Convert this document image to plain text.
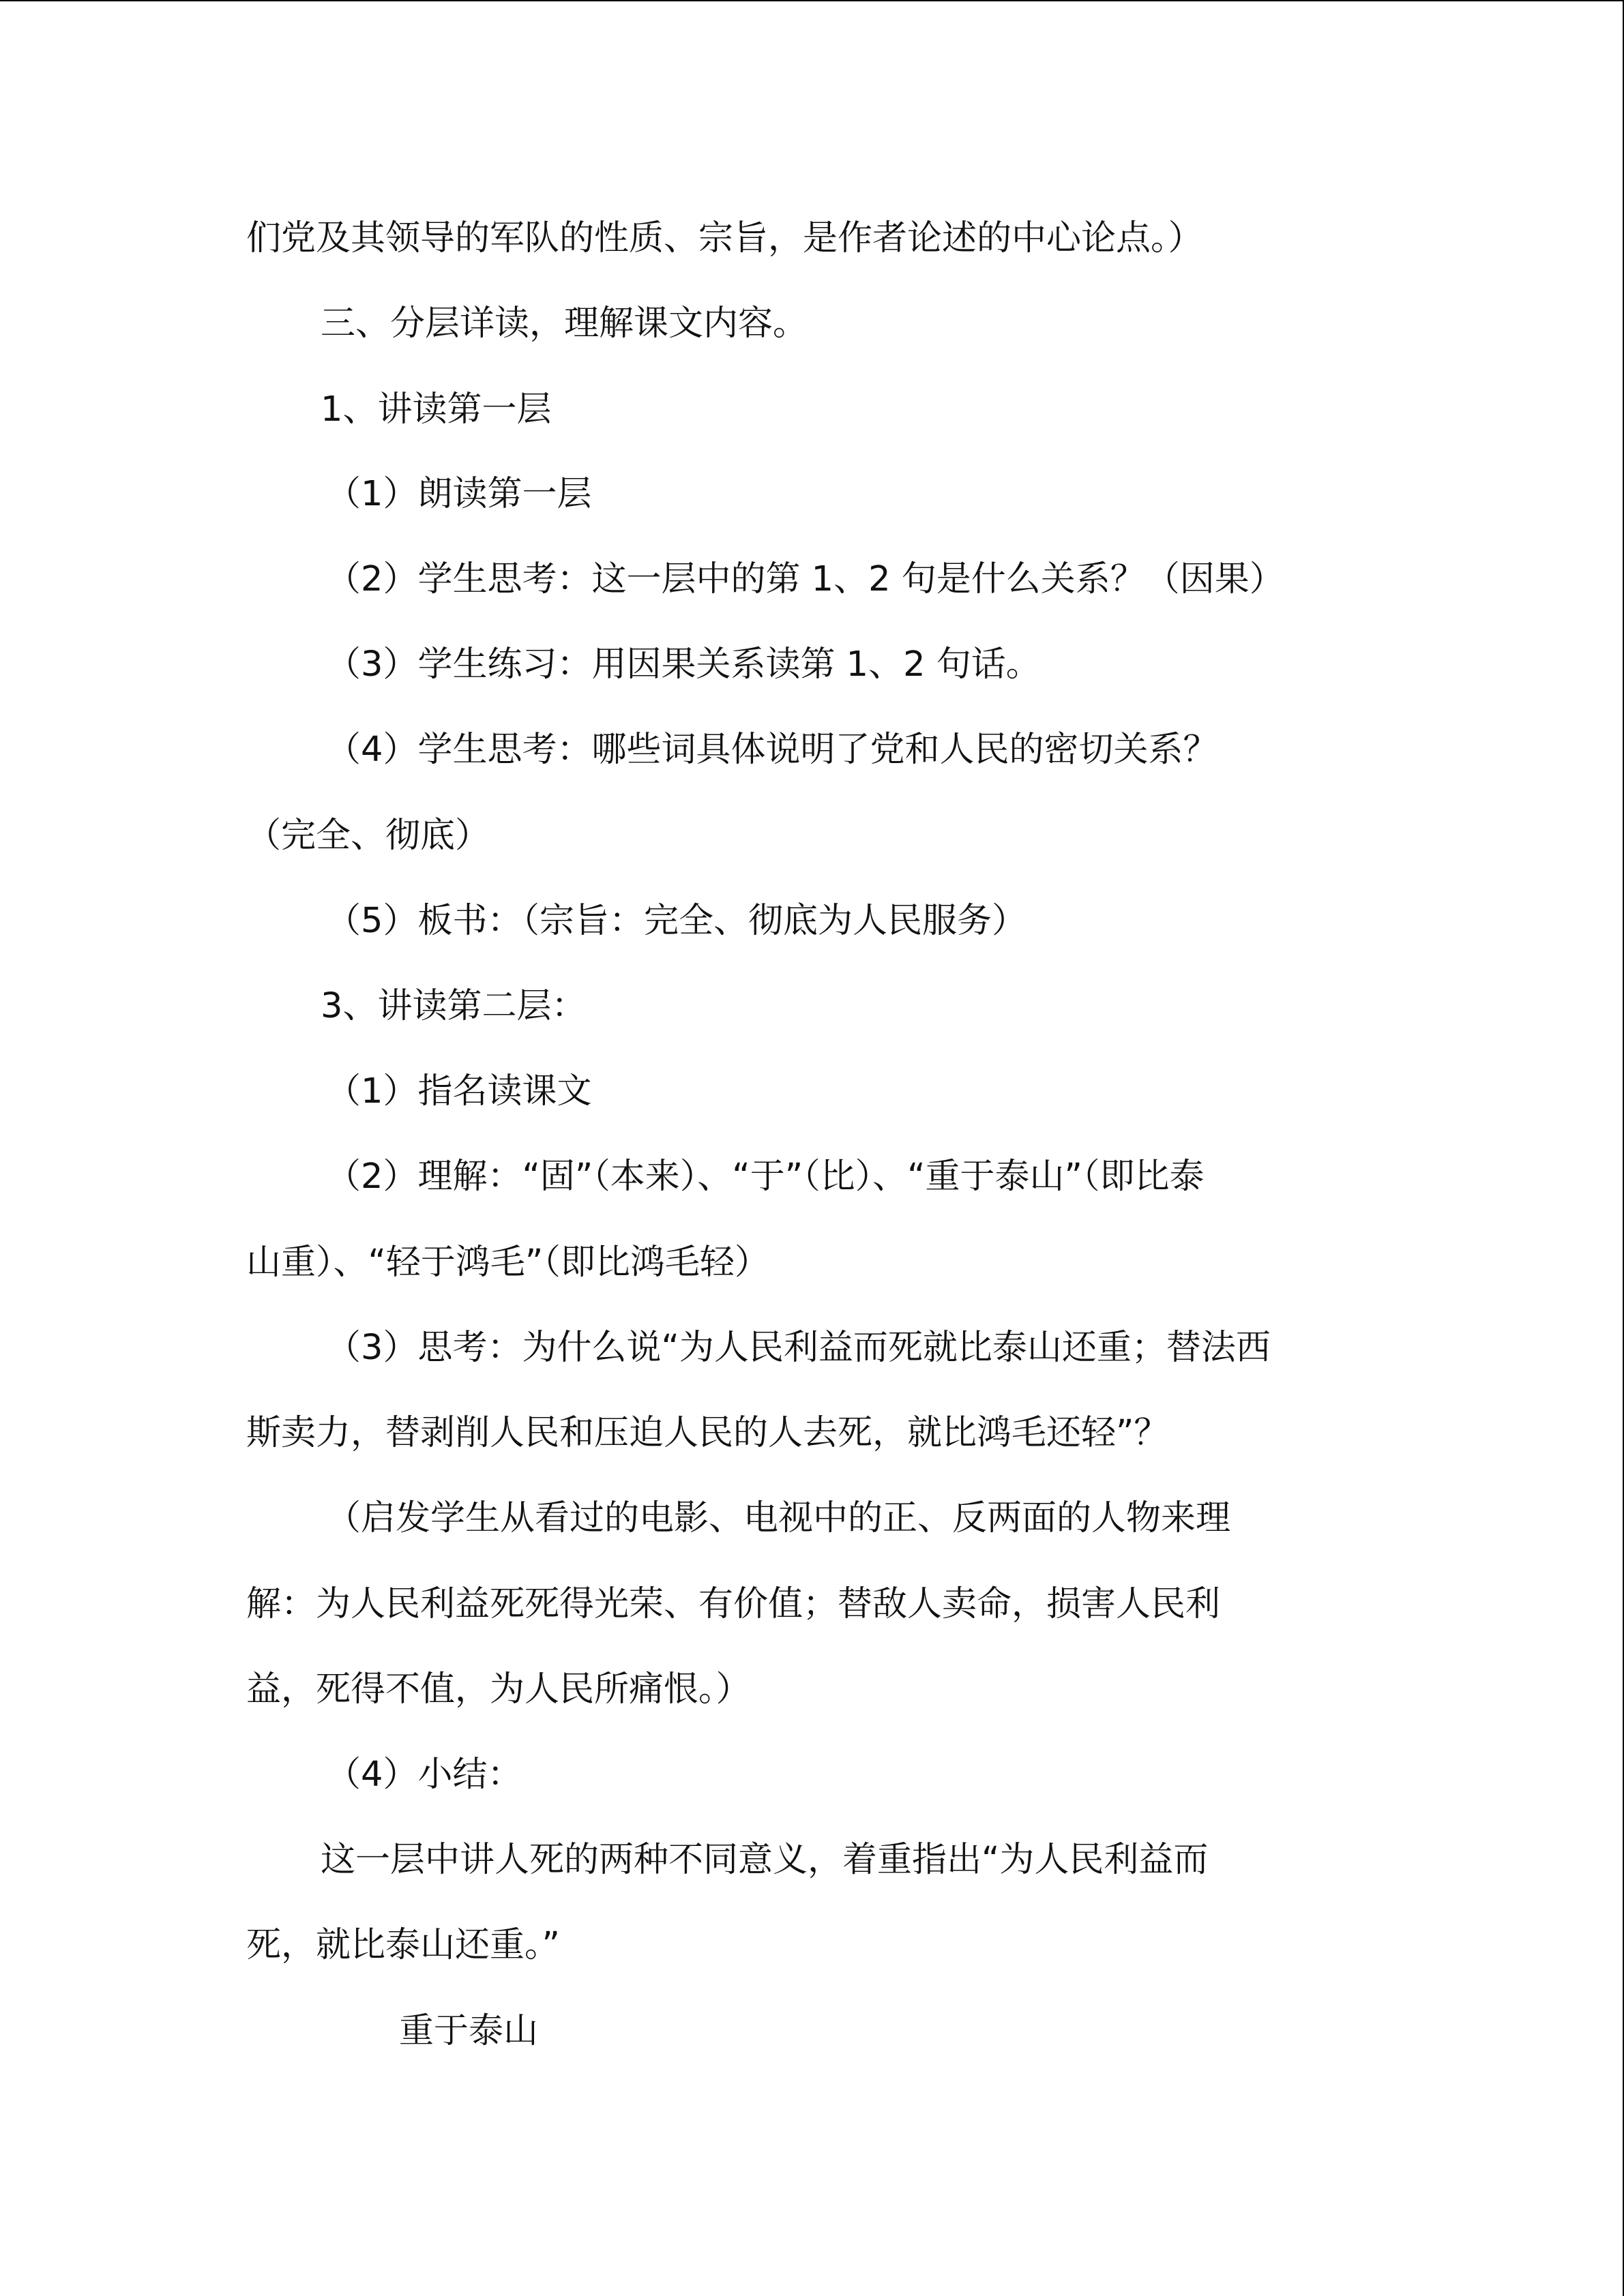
们党及其领导的军队的性质、宗旨，是作者论述的中心论点。）
三、分层详读，理解课文内容。
1、讲读第一层
（1）朗读第一层
（2）学生思考：这一层中的第 1、2 句是什么关系？（因果）
（3）学生练习：用因果关系读第 1、2 句话。
（4）学生思考：哪些词具体说明了党和人民的密切关系？
（完全、彻底）
（5）板书：（宗旨：完全、彻底为人民服务）
3、讲读第二层：
（1）指名读课文
（2）理解：“固”（本来）、“于”（比）、“重于泰山”（即比泰
山重）、“轻于鸿毛”（即比鸿毛轻）
（3）思考：为什么说“为人民利益而死就比泰山还重；替法西
斯卖力，替剥削人民和压迫人民的人去死，就比鸿毛还轻”？
（启发学生从看过的电影、电视中的正、反两面的人物来理
解：为人民利益死死得光荣、有价值；替敌人卖命，损害人民利
益，死得不值，为人民所痛恨。）
（4）小结：
这一层中讲人死的两种不同意义，着重指出“为人民利益而
死，就比泰山还重。”
重于泰山
